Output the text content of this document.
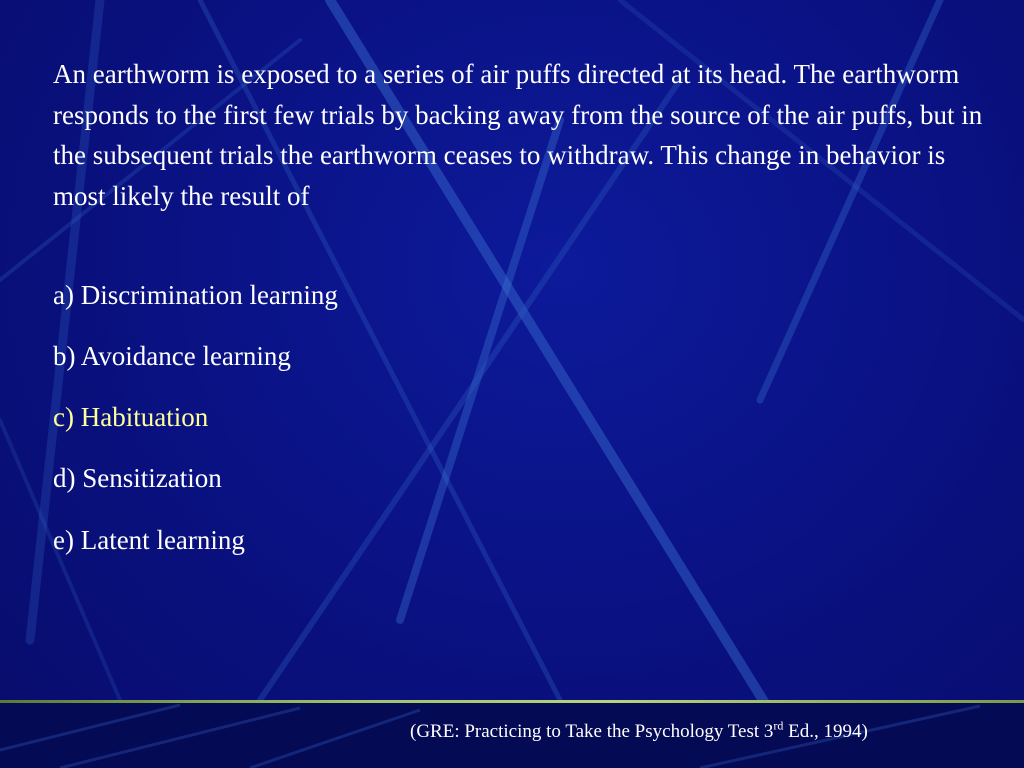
An earthworm is exposed to a series of air puffs directed at its head. The earthworm responds to the first few trials by backing away from the source of the air puffs, but in the subsequent trials the earthworm ceases to withdraw. This change in behavior is most likely the result of

a) Discrimination learning

b) Avoidance learning

c) Habituation

d) Sensitization

e) Latent learning

(GRE: Practicing to Take the Psychology Test 3rd Ed., 1994)
